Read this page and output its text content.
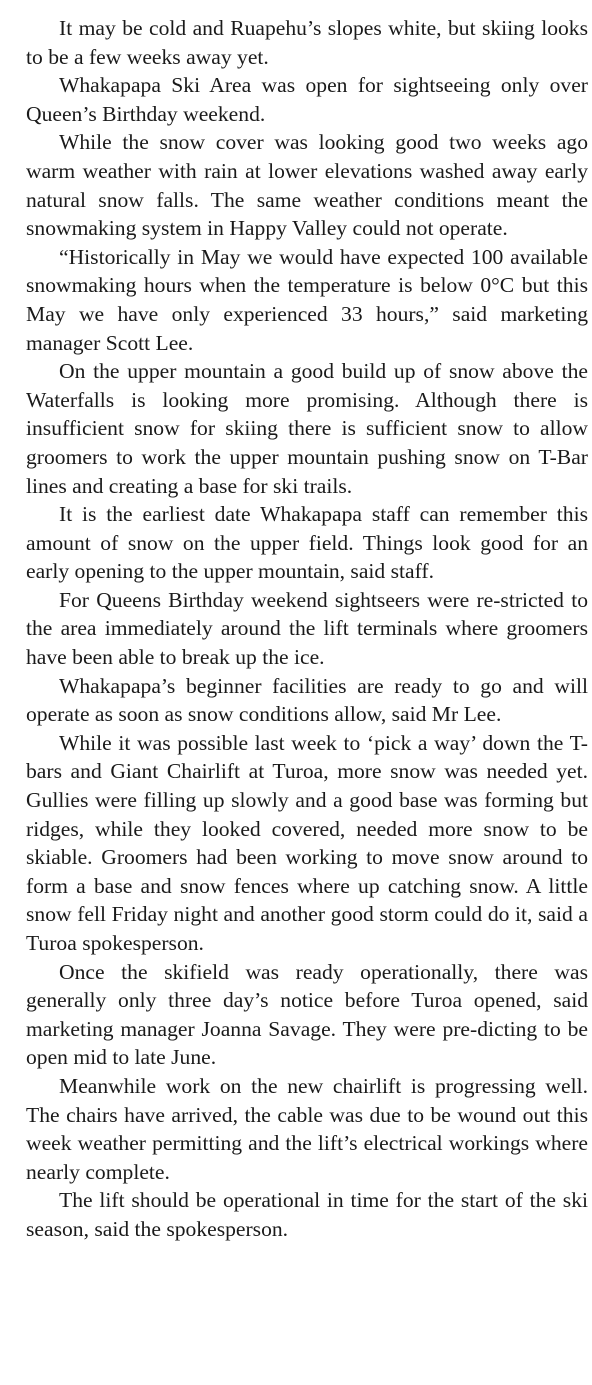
It may be cold and Ruapehu’s slopes white, but skiing looks to be a few weeks away yet.

Whakapapa Ski Area was open for sightseeing only over Queen’s Birthday weekend.

While the snow cover was looking good two weeks ago warm weather with rain at lower elevations washed away early natural snow falls. The same weather conditions meant the snowmaking system in Happy Valley could not operate.

“Historically in May we would have expected 100 available snowmaking hours when the temperature is below 0°C but this May we have only experienced 33 hours,” said marketing manager Scott Lee.

On the upper mountain a good build up of snow above the Waterfalls is looking more promising. Although there is insufficient snow for skiing there is sufficient snow to allow groomers to work the upper mountain pushing snow on T-Bar lines and creating a base for ski trails.

It is the earliest date Whakapapa staff can remember this amount of snow on the upper field. Things look good for an early opening to the upper mountain, said staff.

For Queens Birthday weekend sightseers were re-stricted to the area immediately around the lift terminals where groomers have been able to break up the ice.

Whakapapa’s beginner facilities are ready to go and will operate as soon as snow conditions allow, said Mr Lee.

While it was possible last week to ‘pick a way’ down the T-bars and Giant Chairlift at Turoa, more snow was needed yet. Gullies were filling up slowly and a good base was forming but ridges, while they looked covered, needed more snow to be skiable. Groomers had been working to move snow around to form a base and snow fences where up catching snow. A little snow fell Friday night and another good storm could do it, said a Turoa spokesperson.

Once the skifield was ready operationally, there was generally only three day’s notice before Turoa opened, said marketing manager Joanna Savage. They were pre-dicting to be open mid to late June.

Meanwhile work on the new chairlift is progressing well. The chairs have arrived, the cable was due to be wound out this week weather permitting and the lift’s electrical workings where nearly complete.

The lift should be operational in time for the start of the ski season, said the spokesperson.
